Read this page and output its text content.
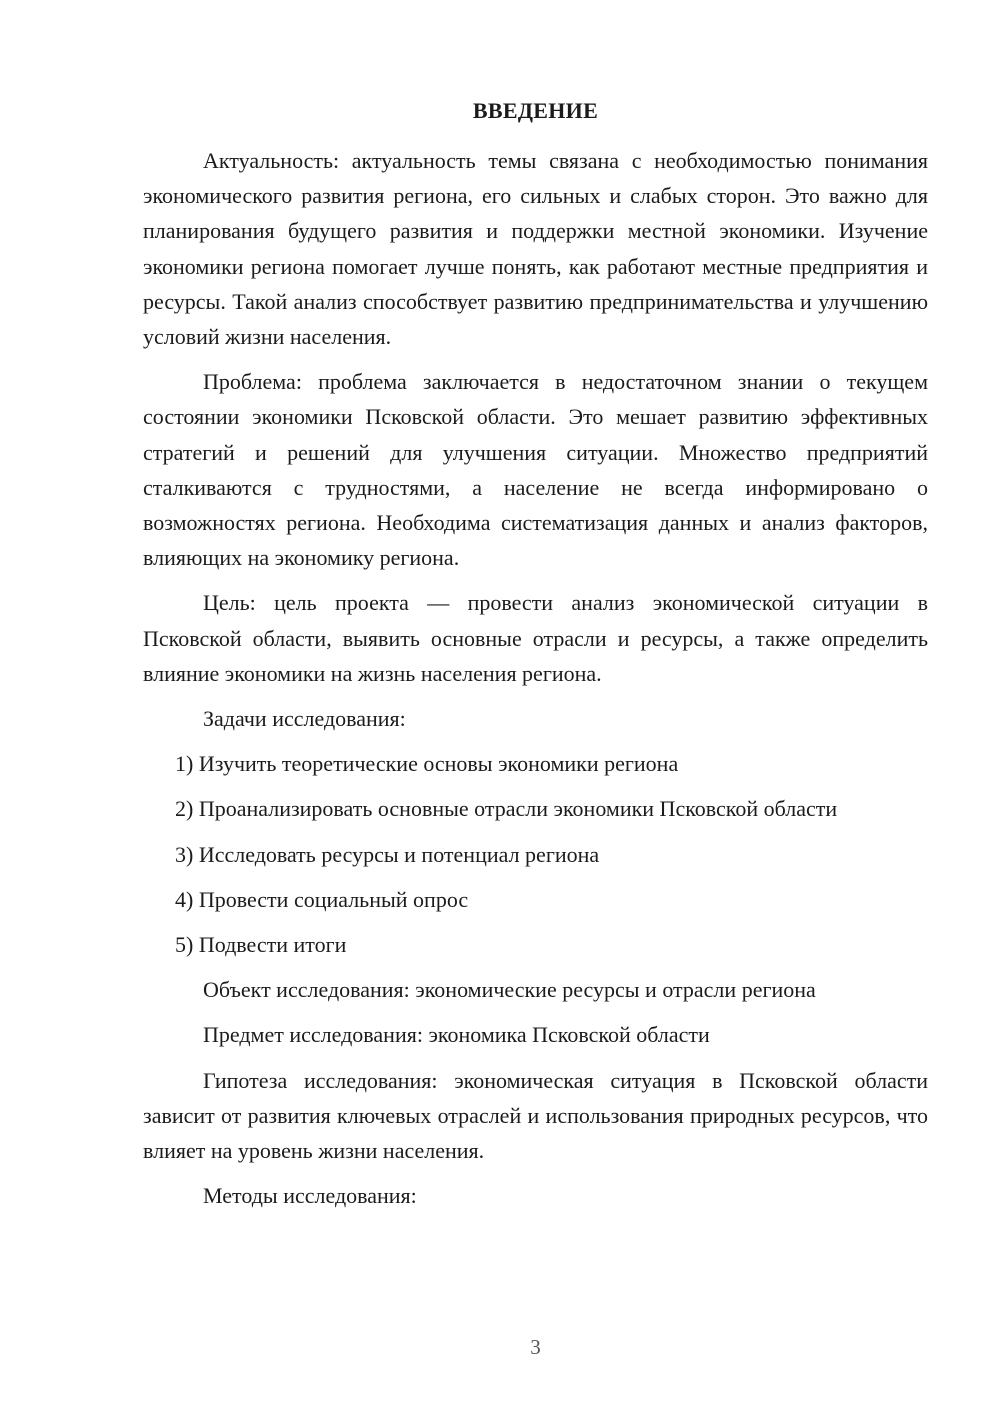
ВВЕДЕНИЕ

Актуальность: актуальность темы связана с необходимостью понимания экономического развития региона, его сильных и слабых сторон. Это важно для планирования будущего развития и поддержки местной экономики. Изучение экономики региона помогает лучше понять, как работают местные предприятия и ресурсы. Такой анализ способствует развитию предпринимательства и улучшению условий жизни населения.

Проблема: проблема заключается в недостаточном знании о текущем состоянии экономики Псковской области. Это мешает развитию эффективных стратегий и решений для улучшения ситуации. Множество предприятий сталкиваются с трудностями, а население не всегда информировано о возможностях региона. Необходима систематизация данных и анализ факторов, влияющих на экономику региона.

Цель: цель проекта — провести анализ экономической ситуации в Псковской области, выявить основные отрасли и ресурсы, а также определить влияние экономики на жизнь населения региона.

Задачи исследования:

1) Изучить теоретические основы экономики региона

2) Проанализировать основные отрасли экономики Псковской области

3) Исследовать ресурсы и потенциал региона

4) Провести социальный опрос

5) Подвести итоги

Объект исследования: экономические ресурсы и отрасли региона

Предмет исследования: экономика Псковской области

Гипотеза исследования: экономическая ситуация в Псковской области зависит от развития ключевых отраслей и использования природных ресурсов, что влияет на уровень жизни населения.

Методы исследования:

3
